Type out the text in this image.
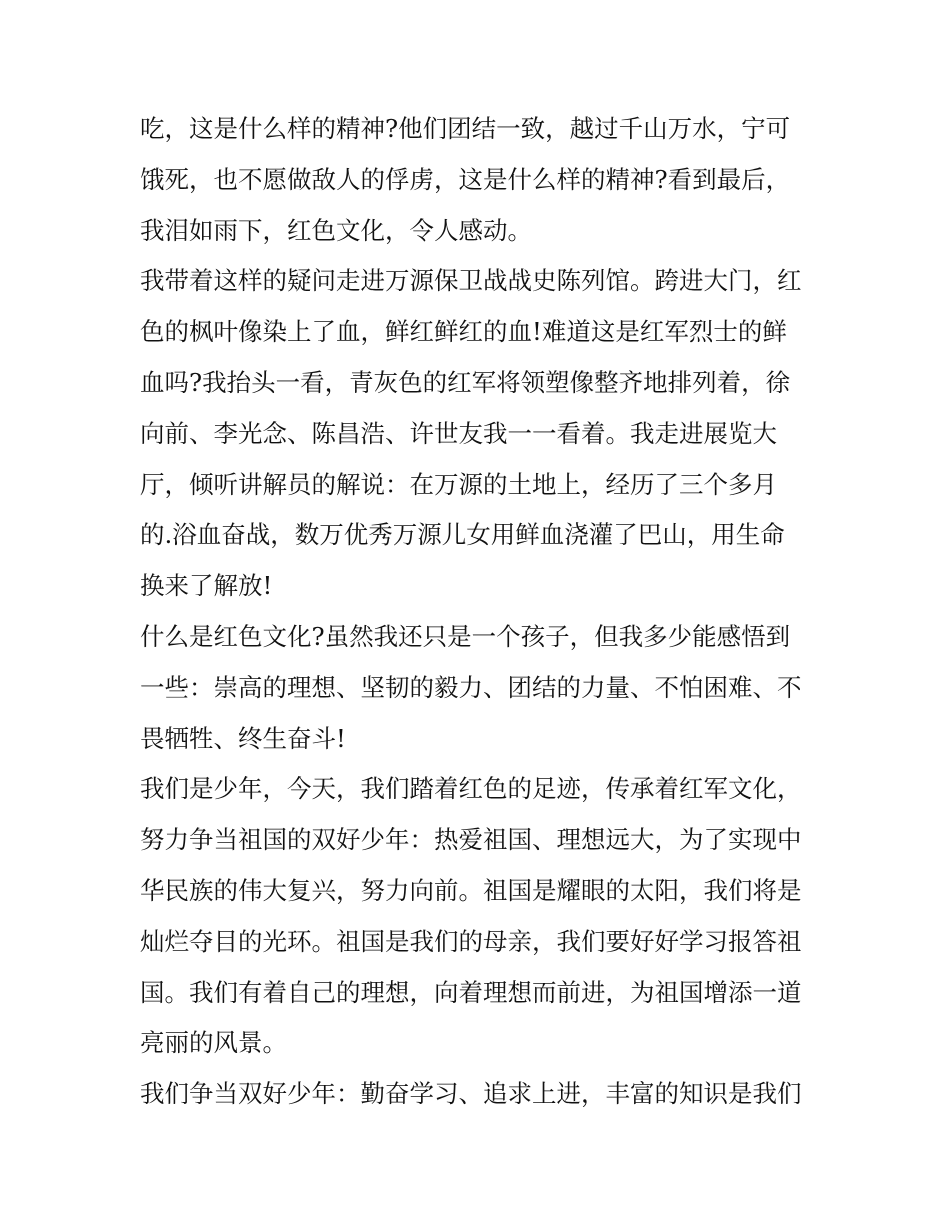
吃，这是什么样的精神?他们团结一致，越过千山万水，宁可
饿死，也不愿做敌人的俘虏，这是什么样的精神?看到最后，
我泪如雨下，红色文化，令人感动。
我带着这样的疑问走进万源保卫战战史陈列馆。跨进大门，红
色的枫叶像染上了血，鲜红鲜红的血!难道这是红军烈士的鲜
血吗?我抬头一看，青灰色的红军将领塑像整齐地排列着，徐
向前、李光念、陈昌浩、许世友我一一看着。我走进展览大
厅，倾听讲解员的解说：在万源的土地上，经历了三个多月
的.浴血奋战，数万优秀万源儿女用鲜血浇灌了巴山，用生命
换来了解放!
什么是红色文化?虽然我还只是一个孩子，但我多少能感悟到
一些：崇高的理想、坚韧的毅力、团结的力量、不怕困难、不
畏牺牲、终生奋斗!
我们是少年，今天，我们踏着红色的足迹，传承着红军文化，
努力争当祖国的双好少年：热爱祖国、理想远大，为了实现中
华民族的伟大复兴，努力向前。祖国是耀眼的太阳，我们将是
灿烂夺目的光环。祖国是我们的母亲，我们要好好学习报答祖
国。我们有着自己的理想，向着理想而前进，为祖国增添一道
亮丽的风景。
我们争当双好少年：勤奋学习、追求上进，丰富的知识是我们
